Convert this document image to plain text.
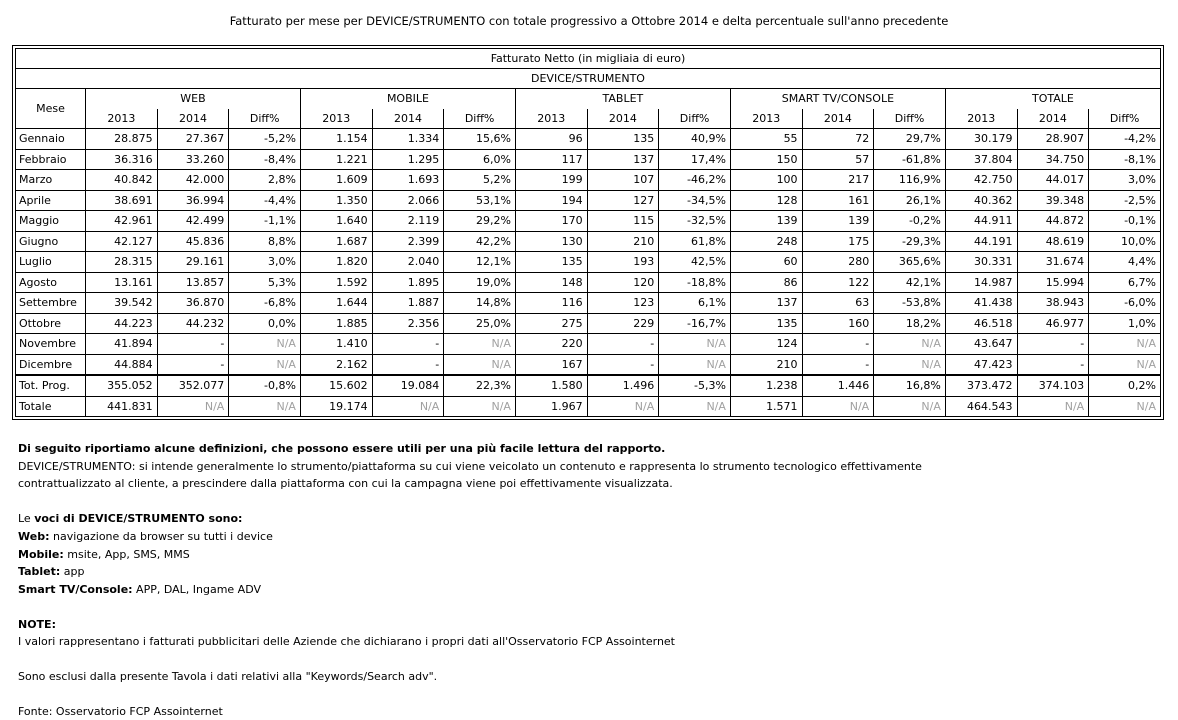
Fatturato per mese per DEVICE/STRUMENTO con totale progressivo a Ottobre 2014 e delta percentuale sull'anno precedente
Fatturato Netto (in migliaia di euro)															
DEVICE/STRUMENTO															
Mese	WEB			MOBILE			TABLET			SMART TV/CONSOLE			TOTALE		
	2013	2014	Diff%	2013	2014	Diff%	2013	2014	Diff%	2013	2014	Diff%	2013	2014	Diff%
Gennaio	28.875	27.367	-5,2%	1.154	1.334	15,6%	96	135	40,9%	55	72	29,7%	30.179	28.907	-4,2%
Febbraio	36.316	33.260	-8,4%	1.221	1.295	6,0%	117	137	17,4%	150	57	-61,8%	37.804	34.750	-8,1%
Marzo	40.842	42.000	2,8%	1.609	1.693	5,2%	199	107	-46,2%	100	217	116,9%	42.750	44.017	3,0%
Aprile	38.691	36.994	-4,4%	1.350	2.066	53,1%	194	127	-34,5%	128	161	26,1%	40.362	39.348	-2,5%
Maggio	42.961	42.499	-1,1%	1.640	2.119	29,2%	170	115	-32,5%	139	139	-0,2%	44.911	44.872	-0,1%
Giugno	42.127	45.836	8,8%	1.687	2.399	42,2%	130	210	61,8%	248	175	-29,3%	44.191	48.619	10,0%
Luglio	28.315	29.161	3,0%	1.820	2.040	12,1%	135	193	42,5%	60	280	365,6%	30.331	31.674	4,4%
Agosto	13.161	13.857	5,3%	1.592	1.895	19,0%	148	120	-18,8%	86	122	42,1%	14.987	15.994	6,7%
Settembre	39.542	36.870	-6,8%	1.644	1.887	14,8%	116	123	6,1%	137	63	-53,8%	41.438	38.943	-6,0%
Ottobre	44.223	44.232	0,0%	1.885	2.356	25,0%	275	229	-16,7%	135	160	18,2%	46.518	46.977	1,0%
Novembre	41.894	-	N/A	1.410	-	N/A	220	-	N/A	124	-	N/A	43.647	-	N/A
Dicembre	44.884	-	N/A	2.162	-	N/A	167	-	N/A	210	-	N/A	47.423	-	N/A
Tot. Prog.	355.052	352.077	-0,8%	15.602	19.084	22,3%	1.580	1.496	-5,3%	1.238	1.446	16,8%	373.472	374.103	0,2%
Totale	441.831	N/A	N/A	19.174	N/A	N/A	1.967	N/A	N/A	1.571	N/A	N/A	464.543	N/A	N/A

Di seguito riportiamo alcune definizioni, che possono essere utili per una più facile lettura del rapporto.

DEVICE/STRUMENTO: si intende generalmente lo strumento/piattaforma su cui viene veicolato un contenuto e rappresenta lo strumento tecnologico effettivamente

contrattualizzato al cliente, a prescindere dalla piattaforma con cui la campagna viene poi effettivamente visualizzata.

Le voci di DEVICE/STRUMENTO sono:

Web: navigazione da browser su tutti i device

Mobile: msite, App, SMS, MMS

Tablet: app

Smart TV/Console: APP, DAL, Ingame ADV

NOTE:

I valori rappresentano i fatturati pubblicitari delle Aziende che dichiarano i propri dati all'Osservatorio FCP Assointernet

Sono esclusi dalla presente Tavola i dati relativi alla "Keywords/Search adv".

Fonte: Osservatorio FCP Assointernet
